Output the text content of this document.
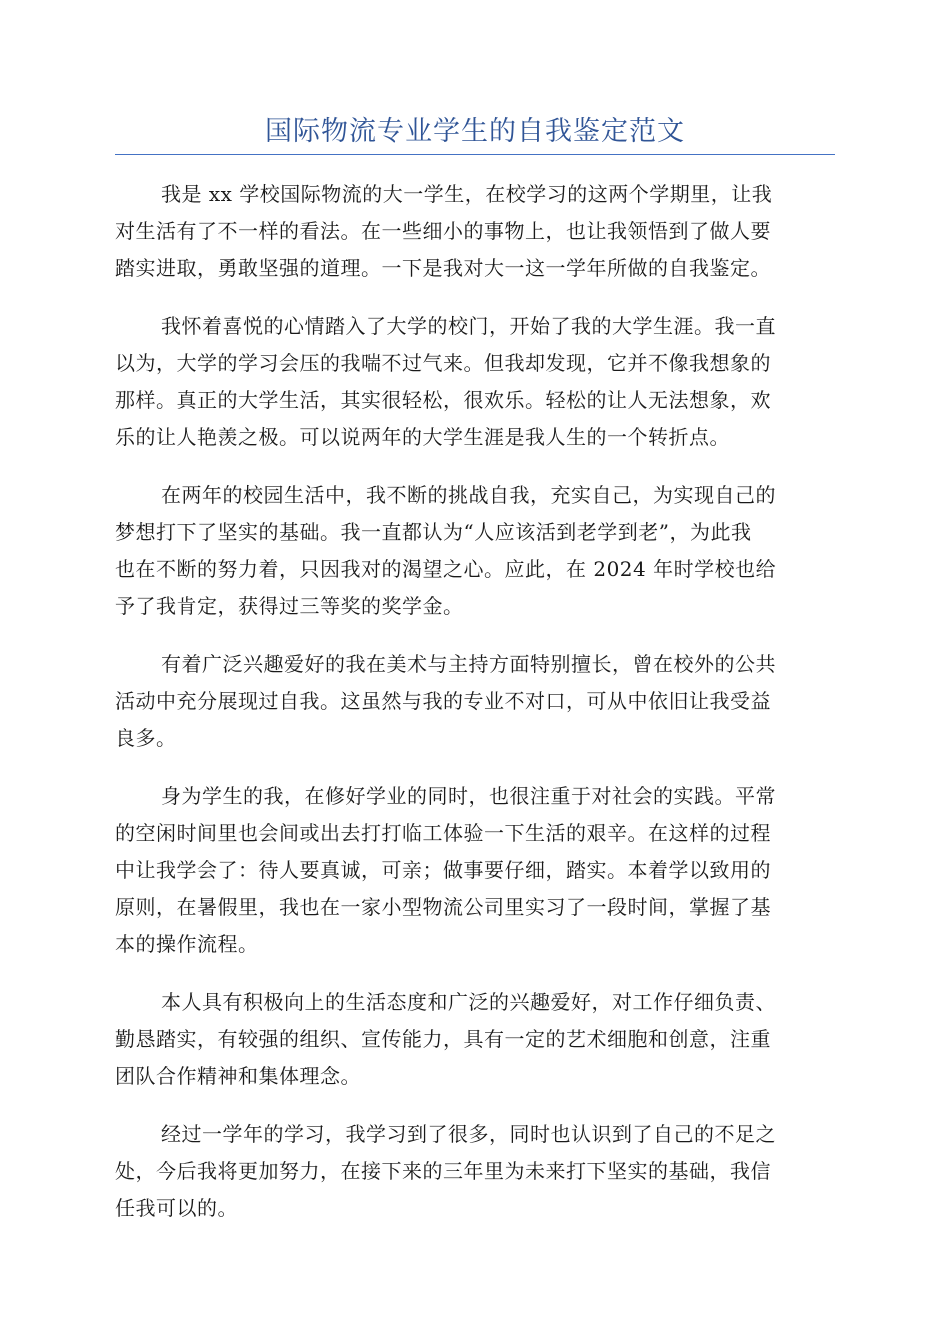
国际物流专业学生的自我鉴定范文

我是 xx 学校国际物流的大一学生，在校学习的这两个学期里，让我
对生活有了不一样的看法。在一些细小的事物上，也让我领悟到了做人要
踏实进取，勇敢坚强的道理。一下是我对大一这一学年所做的自我鉴定。

我怀着喜悦的心情踏入了大学的校门，开始了我的大学生涯。我一直
以为，大学的学习会压的我喘不过气来。但我却发现，它并不像我想象的
那样。真正的大学生活，其实很轻松，很欢乐。轻松的让人无法想象，欢
乐的让人艳羡之极。可以说两年的大学生涯是我人生的一个转折点。

在两年的校园生活中，我不断的挑战自我，充实自己，为实现自己的
梦想打下了坚实的基础。我一直都认为“人应该活到老学到老”，为此我
也在不断的努力着，只因我对的渴望之心。应此，在 2024 年时学校也给
予了我肯定，获得过三等奖的奖学金。

有着广泛兴趣爱好的我在美术与主持方面特别擅长，曾在校外的公共
活动中充分展现过自我。这虽然与我的专业不对口，可从中依旧让我受益
良多。

身为学生的我，在修好学业的同时，也很注重于对社会的实践。平常
的空闲时间里也会间或出去打打临工体验一下生活的艰辛。在这样的过程
中让我学会了：待人要真诚，可亲；做事要仔细，踏实。本着学以致用的
原则，在暑假里，我也在一家小型物流公司里实习了一段时间，掌握了基
本的操作流程。

本人具有积极向上的生活态度和广泛的兴趣爱好，对工作仔细负责、
勤恳踏实，有较强的组织、宣传能力，具有一定的艺术细胞和创意，注重
团队合作精神和集体理念。

经过一学年的学习，我学习到了很多，同时也认识到了自己的不足之
处，今后我将更加努力，在接下来的三年里为未来打下坚实的基础，我信
任我可以的。
